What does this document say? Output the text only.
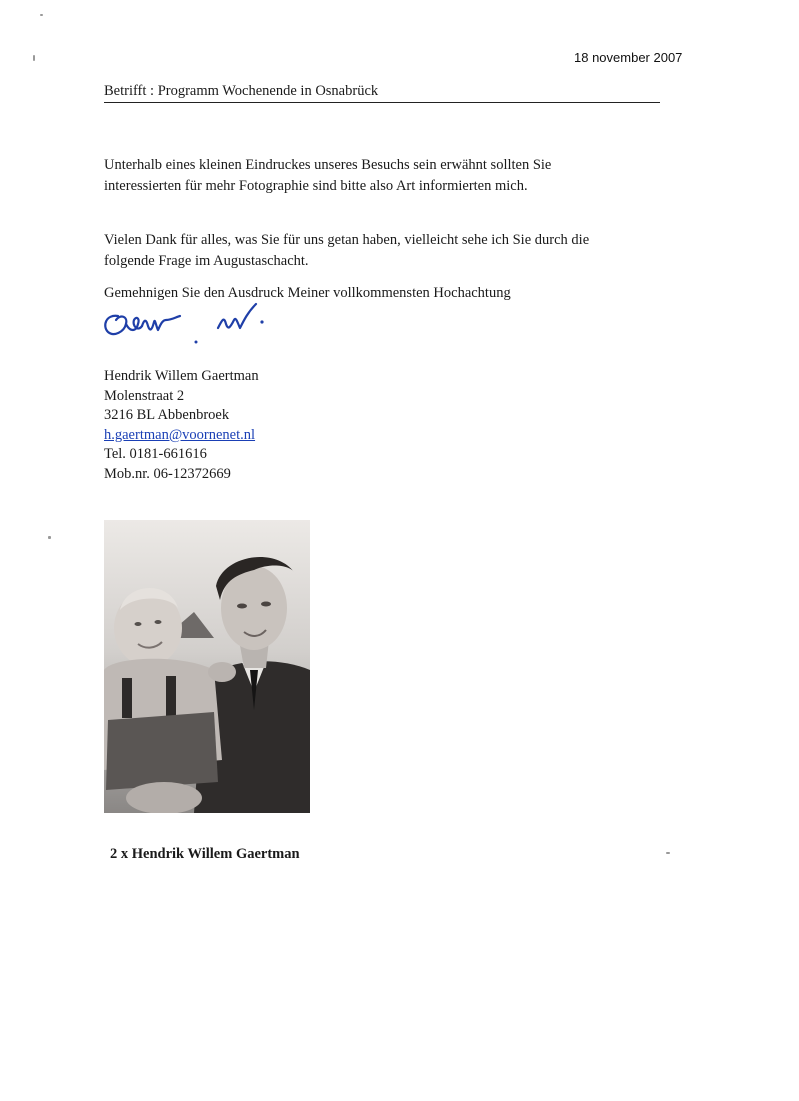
18 november 2007
Betrifft : Programm Wochenende in Osnabrück

Unterhalb eines kleinen Eindruckes unseres Besuchs sein erwähnt sollten Sie
interessierten für mehr Fotographie sind bitte also Art informierten mich.

Vielen Dank für alles, was Sie für uns getan haben, vielleicht sehe ich Sie durch die
folgende Frage im Augustaschacht.

Gemehnigen Sie den Ausdruck Meiner vollkommensten Hochachtung
Hendrik Willem Gaertman
Molenstraat 2
3216 BL Abbenbroek
h.gaertman@voornenet.nl
Tel. 0181-661616
Mob.nr. 06-12372669
2 x Hendrik Willem Gaertman
